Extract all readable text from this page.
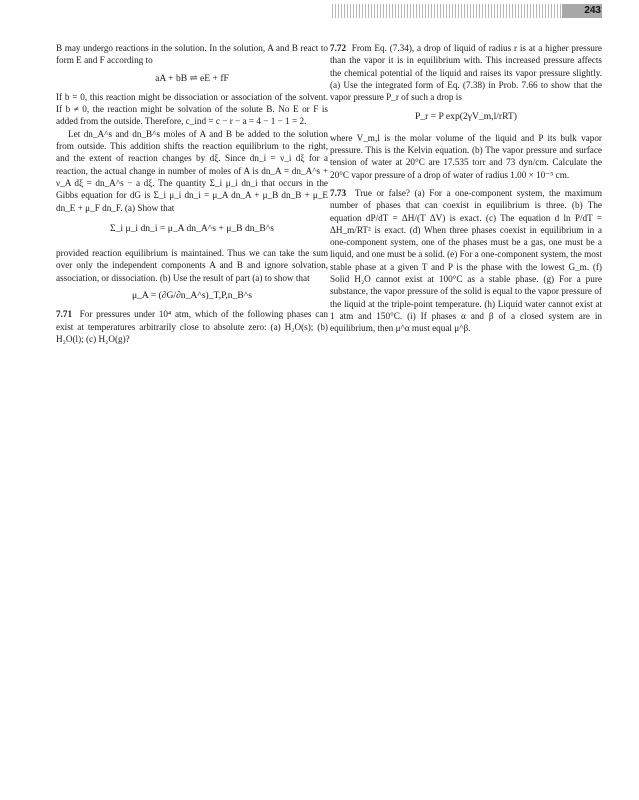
243

B may undergo reactions in the solution. In the solution, A and B react to form E and F according to

aA + bB ⇌ eE + fF

If b = 0, this reaction might be dissociation or association of the solvent. If b ≠ 0, the reaction might be solvation of the solute B. No E or F is added from the outside. Therefore, c_ind = c − r − a = 4 − 1 − 1 = 2.

Let dn_A^s and dn_B^s moles of A and B be added to the solution from outside. This addition shifts the reaction equilibrium to the right, and the extent of reaction changes by dξ. Since dn_i = ν_i dξ for a reaction, the actual change in number of moles of A is dn_A = dn_A^s + ν_A dξ = dn_A^s − a dξ. The quantity Σ_i μ_i dn_i that occurs in the Gibbs equation for dG is Σ_i μ_i dn_i = μ_A dn_A + μ_B dn_B + μ_E dn_E + μ_F dn_F. (a) Show that

Σ_i μ_i dn_i = μ_A dn_A^s + μ_B dn_B^s

provided reaction equilibrium is maintained. Thus we can take the sum over only the independent components A and B and ignore solvation, association, or dissociation. (b) Use the result of part (a) to show that

μ_A = (∂G/∂n_A^s)_T,P,n_B^s

7.71 For pressures under 10⁴ atm, which of the following phases can exist at temperatures arbitrarily close to absolute zero: (a) H₂O(s); (b) H₂O(l); (c) H₂O(g)?

7.72 From Eq. (7.34), a drop of liquid of radius r is at a higher pressure than the vapor it is in equilibrium with. This increased pressure affects the chemical potential of the liquid and raises its vapor pressure slightly. (a) Use the integrated form of Eq. (7.38) in Prob. 7.66 to show that the vapor pressure P_r of such a drop is

P_r = P exp(2γV_m,l/rRT)

where V_m,l is the molar volume of the liquid and P its bulk vapor pressure. This is the Kelvin equation. (b) The vapor pressure and surface tension of water at 20°C are 17.535 torr and 73 dyn/cm. Calculate the 20°C vapor pressure of a drop of water of radius 1.00 × 10⁻⁵ cm.

7.73 True or false? (a) For a one-component system, the maximum number of phases that can coexist in equilibrium is three. (b) The equation dP/dT = ΔH/(T ΔV) is exact. (c) The equation d ln P/dT = ΔH_m/RT² is exact. (d) When three phases coexist in equilibrium in a one-component system, one of the phases must be a gas, one must be a liquid, and one must be a solid. (e) For a one-component system, the most stable phase at a given T and P is the phase with the lowest G_m. (f) Solid H₂O cannot exist at 100°C as a stable phase. (g) For a pure substance, the vapor pressure of the solid is equal to the vapor pressure of the liquid at the triple-point temperature. (h) Liquid water cannot exist at 1 atm and 150°C. (i) If phases α and β of a closed system are in equilibrium, then μ^α must equal μ^β.
